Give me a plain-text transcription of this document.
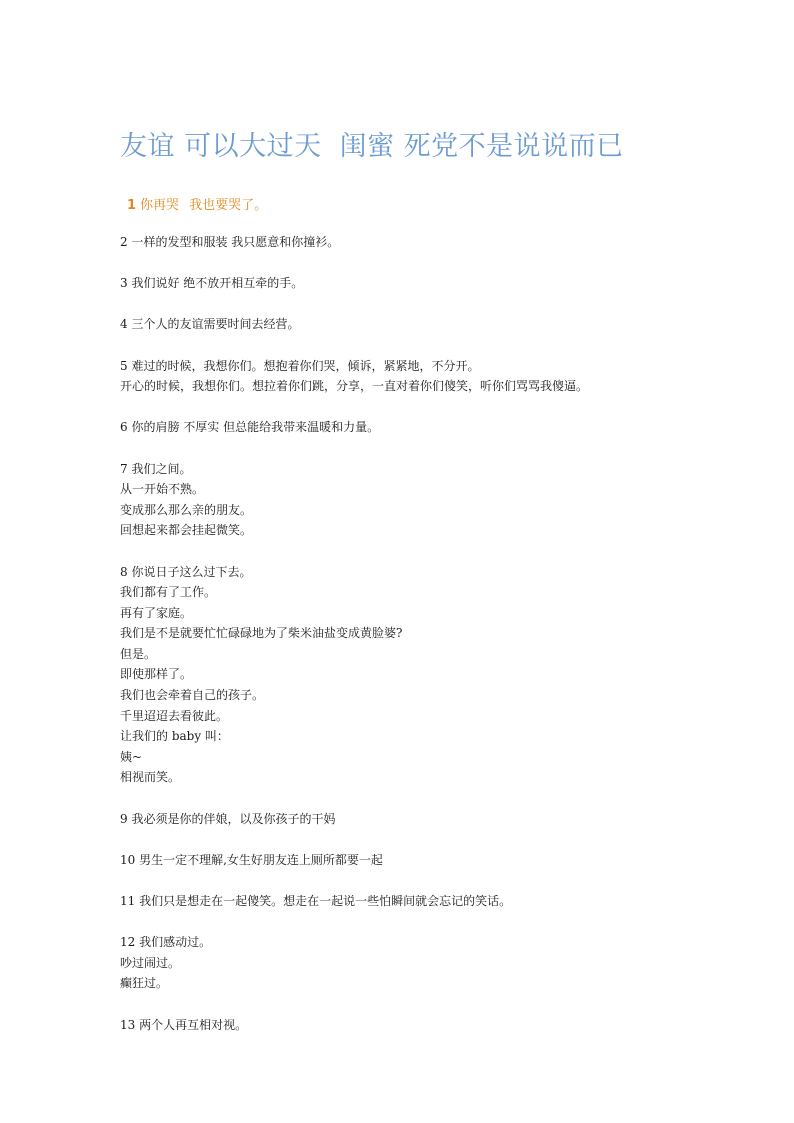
友谊 可以大过天 闺蜜 死党不是说说而已

1 你再哭 我也要哭了。

2 一样的发型和服装 我只愿意和你撞衫。

3 我们说好 绝不放开相互牵的手。

4 三个人的友谊需要时间去经营。

5 难过的时候，我想你们。想抱着你们哭，倾诉，紧紧地，不分开。
开心的时候，我想你们。想拉着你们跳，分享，一直对着你们傻笑，听你们骂骂我傻逼。

6 你的肩膀 不厚实 但总能给我带来温暖和力量。

7 我们之间。
从一开始不熟。
变成那么那么亲的朋友。
回想起来都会挂起微笑。

8 你说日子这么过下去。
我们都有了工作。
再有了家庭。
我们是不是就要忙忙碌碌地为了柴米油盐变成黄脸婆?
但是。
即使那样了。
我们也会牵着自己的孩子。
千里迢迢去看彼此。
让我们的 baby 叫：
姨~
相视而笑。

9 我必须是你的伴娘，以及你孩子的干妈

10 男生一定不理解,女生好朋友连上厕所都要一起

11 我们只是想走在一起傻笑。想走在一起说一些怕瞬间就会忘记的笑话。

12 我们感动过。
吵过闹过。
癫狂过。

13 两个人再互相对视。
